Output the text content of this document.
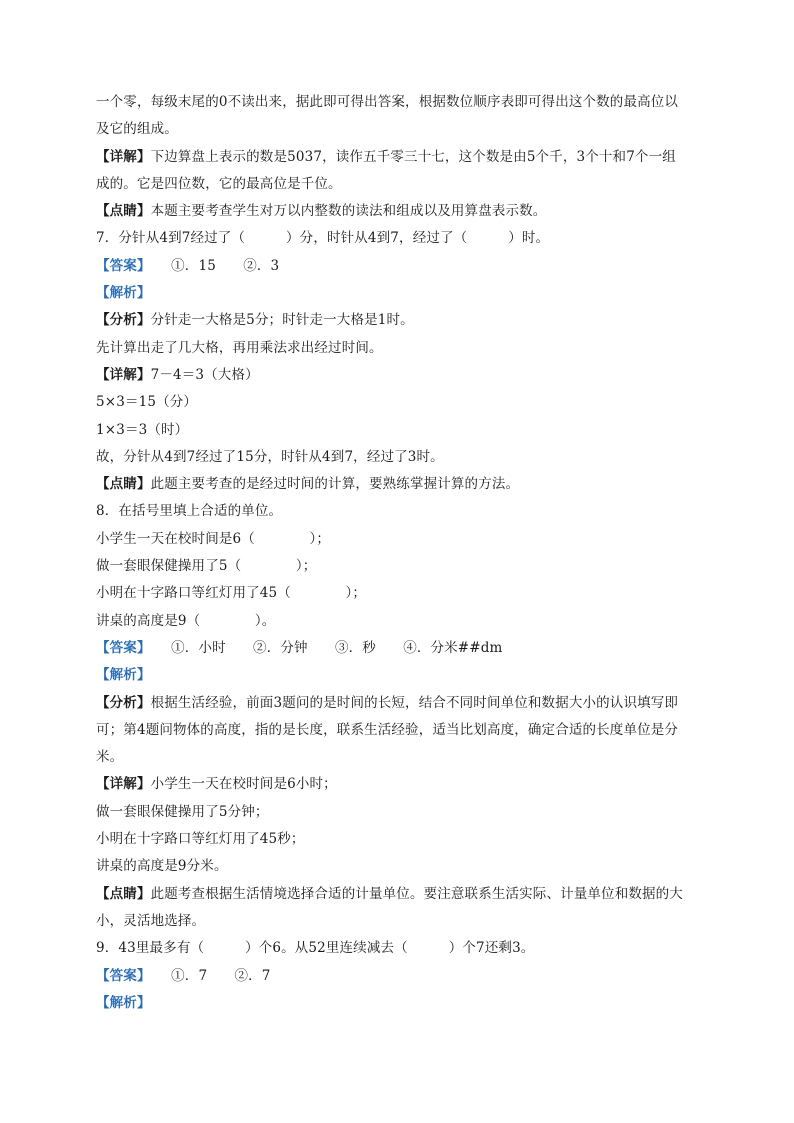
一个零，每级末尾的0不读出来，据此即可得出答案，根据数位顺序表即可得出这个数的最高位以
及它的组成。
【详解】下边算盘上表示的数是5037，读作五千零三十七，这个数是由5个千，3个十和7个一组
成的。它是四位数，它的最高位是千位。
【点睛】本题主要考查学生对万以内整数的读法和组成以及用算盘表示数。
7．分针从4到7经过了（　　　）分，时针从4到7，经过了（　　　）时。
【答案】　　①．15　　②．3
【解析】
【分析】分针走一大格是5分；时针走一大格是1时。
先计算出走了几大格，再用乘法求出经过时间。
【详解】7－4＝3（大格）
5×3＝15（分）
1×3＝3（时）
故，分针从4到7经过了15分，时针从4到7，经过了3时。
【点睛】此题主要考查的是经过时间的计算，要熟练掌握计算的方法。
8．在括号里填上合适的单位。
小学生一天在校时间是6（　　　　）；
做一套眼保健操用了5（　　　　）；
小明在十字路口等红灯用了45（　　　　）；
讲桌的高度是9（　　　　）。
【答案】　　①．小时　　②．分钟　　③．秒　　④．分米##dm
【解析】
【分析】根据生活经验，前面3题问的是时间的长短，结合不同时间单位和数据大小的认识填写即
可；第4题问物体的高度，指的是长度，联系生活经验，适当比划高度，确定合适的长度单位是分
米。
【详解】小学生一天在校时间是6小时；
做一套眼保健操用了5分钟；
小明在十字路口等红灯用了45秒；
讲桌的高度是9分米。
【点睛】此题考查根据生活情境选择合适的计量单位。要注意联系生活实际、计量单位和数据的大
小，灵活地选择。
9．43里最多有（　　　）个6。从52里连续减去（　　　）个7还剩3。
【答案】　　①．7　　②．7
【解析】
